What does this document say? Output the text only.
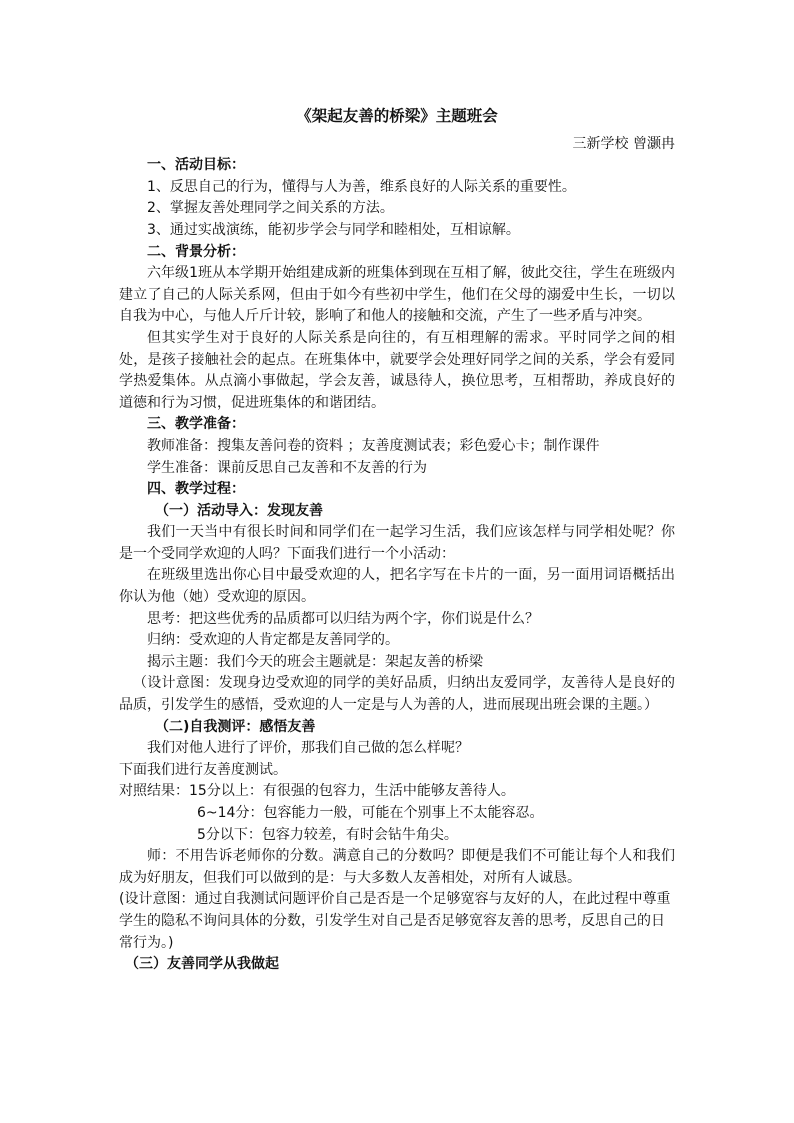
《架起友善的桥梁》主题班会

三新学校 曾灏冉

一、活动目标：

1、反思自己的行为，懂得与人为善，维系良好的人际关系的重要性。

2、掌握友善处理同学之间关系的方法。

3、通过实战演练，能初步学会与同学和睦相处，互相谅解。

二、背景分析：

六年级1班从本学期开始组建成新的班集体到现在互相了解，彼此交往，学生在班级内建立了自己的人际关系网，但由于如今有些初中学生，他们在父母的溺爱中生长，一切以自我为中心，与他人斤斤计较，影响了和他人的接触和交流，产生了一些矛盾与冲突。

但其实学生对于良好的人际关系是向往的，有互相理解的需求。平时同学之间的相处，是孩子接触社会的起点。在班集体中，就要学会处理好同学之间的关系，学会有爱同学热爱集体。从点滴小事做起，学会友善，诚恳待人，换位思考，互相帮助，养成良好的道德和行为习惯，促进班集体的和谐团结。

三、教学准备：

教师准备：搜集友善问卷的资料 ；友善度测试表；彩色爱心卡；制作课件

学生准备：课前反思自己友善和不友善的行为

四、教学过程：

（一）活动导入：发现友善

我们一天当中有很长时间和同学们在一起学习生活，我们应该怎样与同学相处呢？你是一个受同学欢迎的人吗？下面我们进行一个小活动：

在班级里选出你心目中最受欢迎的人，把名字写在卡片的一面，另一面用词语概括出你认为他（她）受欢迎的原因。

思考：把这些优秀的品质都可以归结为两个字，你们说是什么？

归纳：受欢迎的人肯定都是友善同学的。

揭示主题：我们今天的班会主题就是：架起友善的桥梁

（设计意图：发现身边受欢迎的同学的美好品质，归纳出友爱同学，友善待人是良好的品质，引发学生的感悟，受欢迎的人一定是与人为善的人，进而展现出班会课的主题。）

（二)自我测评：感悟友善

我们对他人进行了评价，那我们自己做的怎么样呢？

下面我们进行友善度测试。

对照结果：15分以上：有很强的包容力，生活中能够友善待人。

6~14分：包容能力一般，可能在个别事上不太能容忍。

5分以下：包容力较差，有时会钻牛角尖。

师：不用告诉老师你的分数。满意自己的分数吗？即便是我们不可能让每个人和我们成为好朋友，但我们可以做到的是：与大多数人友善相处，对所有人诚恳。

(设计意图：通过自我测试问题评价自己是否是一个足够宽容与友好的人，在此过程中尊重学生的隐私不询问具体的分数，引发学生对自己是否足够宽容友善的思考，反思自己的日常行为。)

（三）友善同学从我做起
